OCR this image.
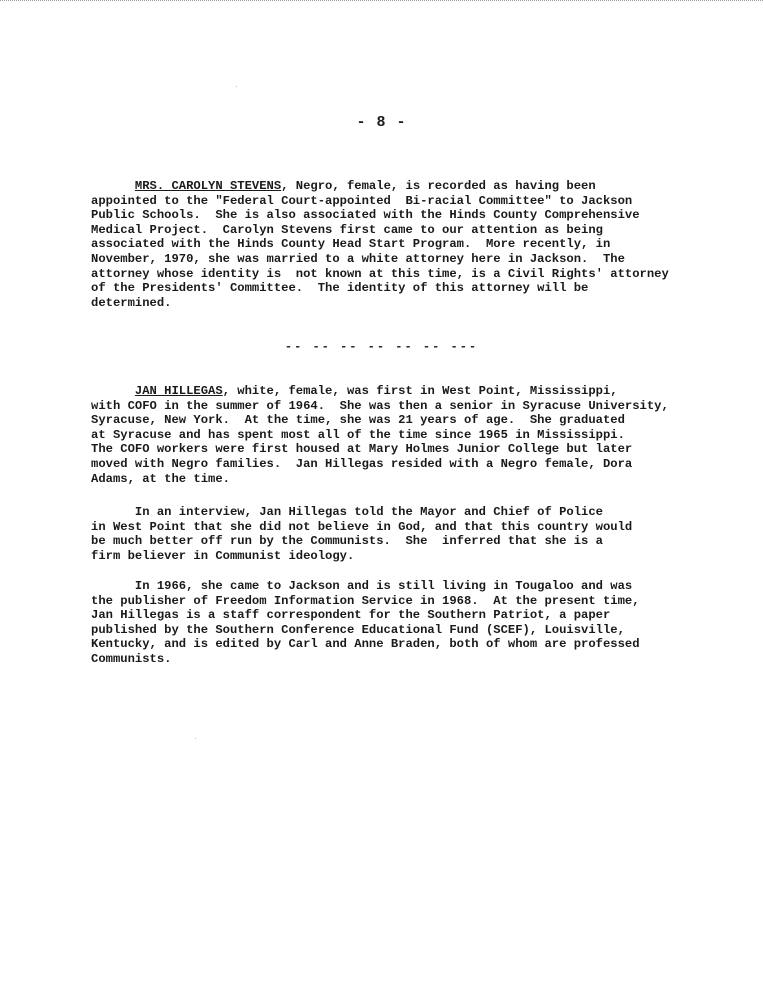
- 8 -
MRS. CAROLYN STEVENS, Negro, female, is recorded as having been
appointed to the "Federal Court-appointed  Bi-racial Committee" to Jackson
Public Schools.  She is also associated with the Hinds County Comprehensive
Medical Project.  Carolyn Stevens first came to our attention as being
associated with the Hinds County Head Start Program.  More recently, in
November, 1970, she was married to a white attorney here in Jackson.  The
attorney whose identity is  not known at this time, is a Civil Rights' attorney
of the Presidents' Committee.  The identity of this attorney will be
determined.
-- -- -- -- -- -- ---
JAN HILLEGAS, white, female, was first in West Point, Mississippi,
with COFO in the summer of 1964.  She was then a senior in Syracuse University,
Syracuse, New York.  At the time, she was 21 years of age.  She graduated
at Syracuse and has spent most all of the time since 1965 in Mississippi.
The COFO workers were first housed at Mary Holmes Junior College but later
moved with Negro families.  Jan Hillegas resided with a Negro female, Dora
Adams, at the time.
In an interview, Jan Hillegas told the Mayor and Chief of Police
in West Point that she did not believe in God, and that this country would
be much better off run by the Communists.  She  inferred that she is a
firm believer in Communist ideology.
In 1966, she came to Jackson and is still living in Tougaloo and was
the publisher of Freedom Information Service in 1968.  At the present time,
Jan Hillegas is a staff correspondent for the Southern Patriot, a paper
published by the Southern Conference Educational Fund (SCEF), Louisville,
Kentucky, and is edited by Carl and Anne Braden, both of whom are professed
Communists.
